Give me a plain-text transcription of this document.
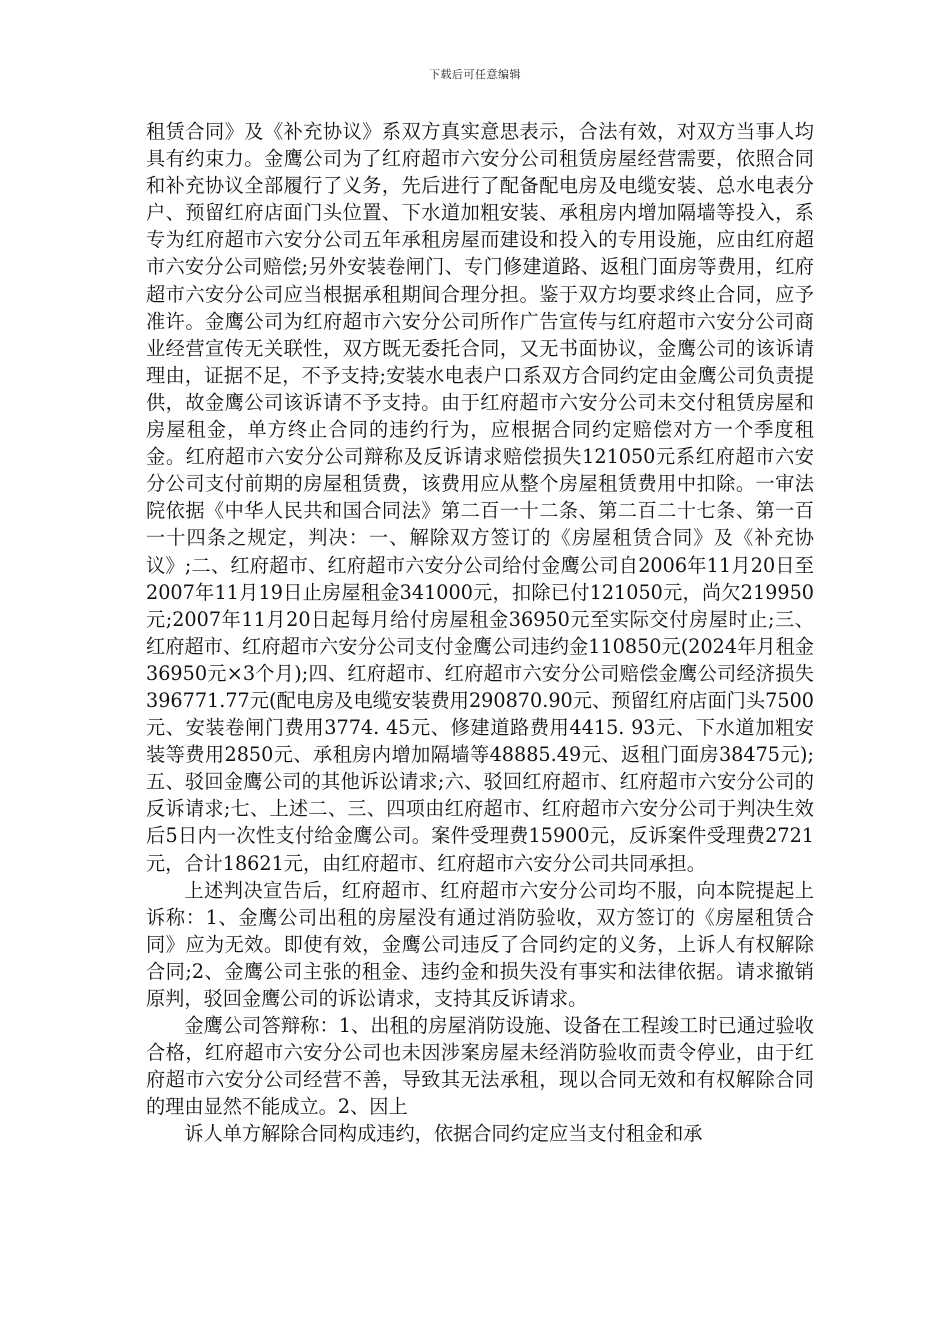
下载后可任意编辑

租赁合同》及《补充协议》系双方真实意思表示，合法有效，对双方当事人均具有约束力。金鹰公司为了红府超市六安分公司租赁房屋经营需要，依照合同和补充协议全部履行了义务，先后进行了配备配电房及电缆安装、总水电表分户、预留红府店面门头位置、下水道加粗安装、承租房内增加隔墙等投入，系专为红府超市六安分公司五年承租房屋而建设和投入的专用设施，应由红府超市六安分公司赔偿;另外安装卷闸门、专门修建道路、返租门面房等费用，红府超市六安分公司应当根据承租期间合理分担。鉴于双方均要求终止合同，应予准许。金鹰公司为红府超市六安分公司所作广告宣传与红府超市六安分公司商业经营宣传无关联性，双方既无委托合同，又无书面协议，金鹰公司的该诉请理由，证据不足，不予支持;安装水电表户口系双方合同约定由金鹰公司负责提供，故金鹰公司该诉请不予支持。由于红府超市六安分公司未交付租赁房屋和房屋租金，单方终止合同的违约行为，应根据合同约定赔偿对方一个季度租金。红府超市六安分公司辩称及反诉请求赔偿损失121050元系红府超市六安分公司支付前期的房屋租赁费，该费用应从整个房屋租赁费用中扣除。一审法院依据《中华人民共和国合同法》第二百一十二条、第二百二十七条、第一百一十四条之规定，判决：一、解除双方签订的《房屋租赁合同》及《补充协议》;二、红府超市、红府超市六安分公司给付金鹰公司自2006年11月20日至2007年11月19日止房屋租金341000元，扣除已付121050元，尚欠219950元;2007年11月20日起每月给付房屋租金36950元至实际交付房屋时止;三、红府超市、红府超市六安分公司支付金鹰公司违约金110850元(2024年月租金36950元×3个月);四、红府超市、红府超市六安分公司赔偿金鹰公司经济损失396771.77元(配电房及电缆安装费用290870.90元、预留红府店面门头7500元、安装卷闸门费用3774. 45元、修建道路费用4415. 93元、下水道加粗安装等费用2850元、承租房内增加隔墙等48885.49元、返租门面房38475元);五、驳回金鹰公司的其他诉讼请求;六、驳回红府超市、红府超市六安分公司的反诉请求;七、上述二、三、四项由红府超市、红府超市六安分公司于判决生效后5日内一次性支付给金鹰公司。案件受理费15900元，反诉案件受理费2721元，合计18621元，由红府超市、红府超市六安分公司共同承担。

上述判决宣告后，红府超市、红府超市六安分公司均不服，向本院提起上诉称：1、金鹰公司出租的房屋没有通过消防验收，双方签订的《房屋租赁合同》应为无效。即使有效，金鹰公司违反了合同约定的义务，上诉人有权解除合同;2、金鹰公司主张的租金、违约金和损失没有事实和法律依据。请求撤销原判，驳回金鹰公司的诉讼请求，支持其反诉请求。

金鹰公司答辩称：1、出租的房屋消防设施、设备在工程竣工时已通过验收合格，红府超市六安分公司也未因涉案房屋未经消防验收而责令停业，由于红府超市六安分公司经营不善，导致其无法承租，现以合同无效和有权解除合同的理由显然不能成立。2、因上

诉人单方解除合同构成违约，依据合同约定应当支付租金和承
